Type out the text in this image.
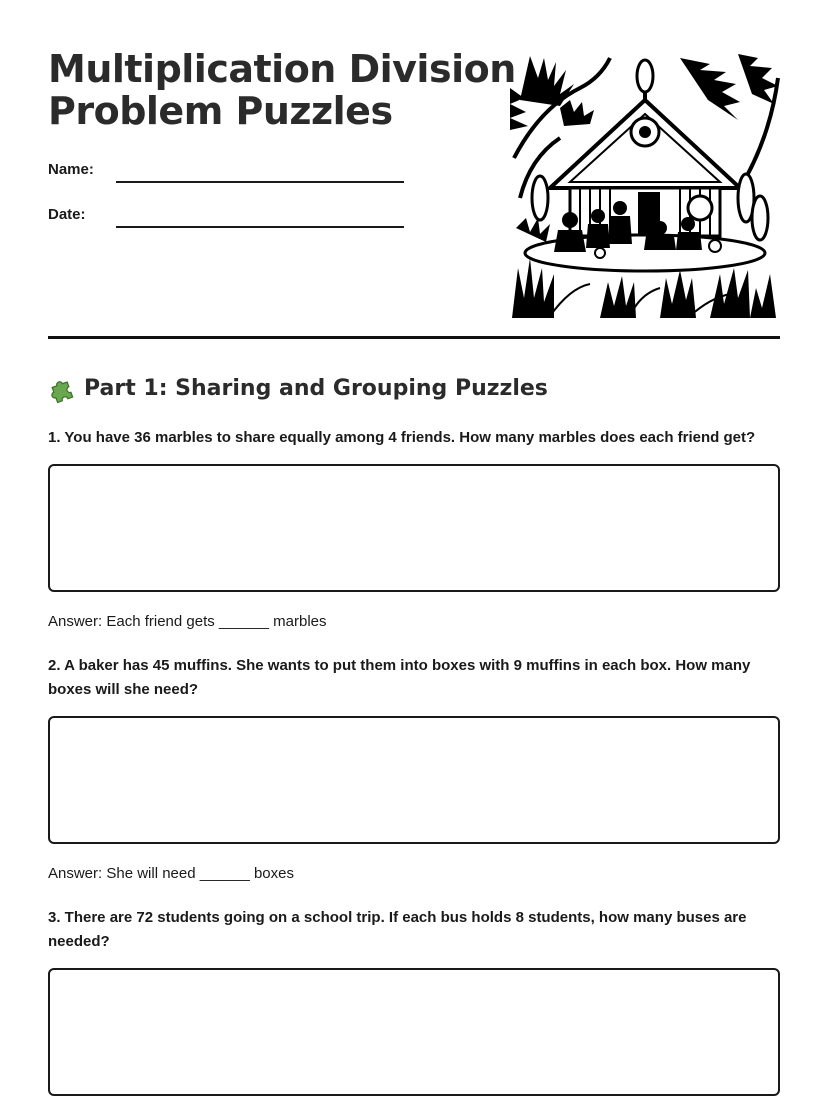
Multiplication Division
Problem Puzzles
Name:
Date:
Part 1: Sharing and Grouping Puzzles
1. You have 36 marbles to share equally among 4 friends. How many marbles does each friend get?
Answer: Each friend gets ______ marbles
2. A baker has 45 muffins. She wants to put them into boxes with 9 muffins in each box. How many boxes will she need?
Answer: She will need ______ boxes
3. There are 72 students going on a school trip. If each bus holds 8 students, how many buses are needed?
